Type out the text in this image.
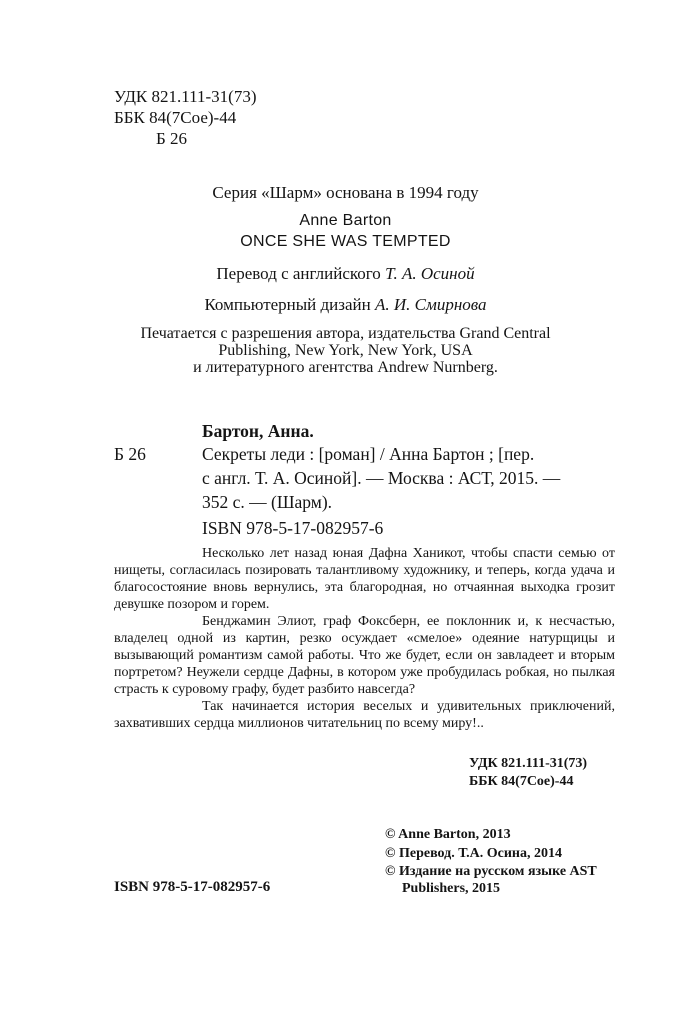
УДК 821.111-31(73)
ББК 84(7Сое)-44
Б 26
Серия «Шарм» основана в 1994 году
Anne Barton
ONCE SHE WAS TEMPTED
Перевод с английского Т. А. Осиной
Компьютерный дизайн А. И. Смирнова
Печатается с разрешения автора, издательства Grand Central
Publishing, New York, New York, USA
и литературного агентства Andrew Nurnberg.
Бартон, Анна.
Б 26	Секреты леди : [роман] / Анна Бартон ; [пер.
с англ. Т. А. Осиной]. — Москва : АСТ, 2015. —
352 с. — (Шарм).
ISBN 978-5-17-082957-6

Несколько лет назад юная Дафна Ханикот, чтобы спасти семью от нищеты, согласилась позировать талантливому художнику, и теперь, когда удача и благосостояние вновь вернулись, эта благородная, но отчаянная выходка грозит девушке позором и горем.

Бенджамин Элиот, граф Фоксберн, ее поклонник и, к несчастью, владелец одной из картин, резко осуждает «смелое» одеяние натурщицы и вызывающий романтизм самой работы. Что же будет, если он завладеет и вторым портретом? Неужели сердце Дафны, в котором уже пробудилась робкая, но пылкая страсть к суровому графу, будет разбито навсегда?

Так начинается история веселых и удивительных приключений, захвативших сердца миллионов читательниц по всему миру!..

УДК 821.111-31(73)
ББК 84(7Сое)-44
ISBN 978-5-17-082957-6
© Anne Barton, 2013
© Перевод. Т.А. Осина, 2014
© Издание на русском языке AST
Publishers, 2015
